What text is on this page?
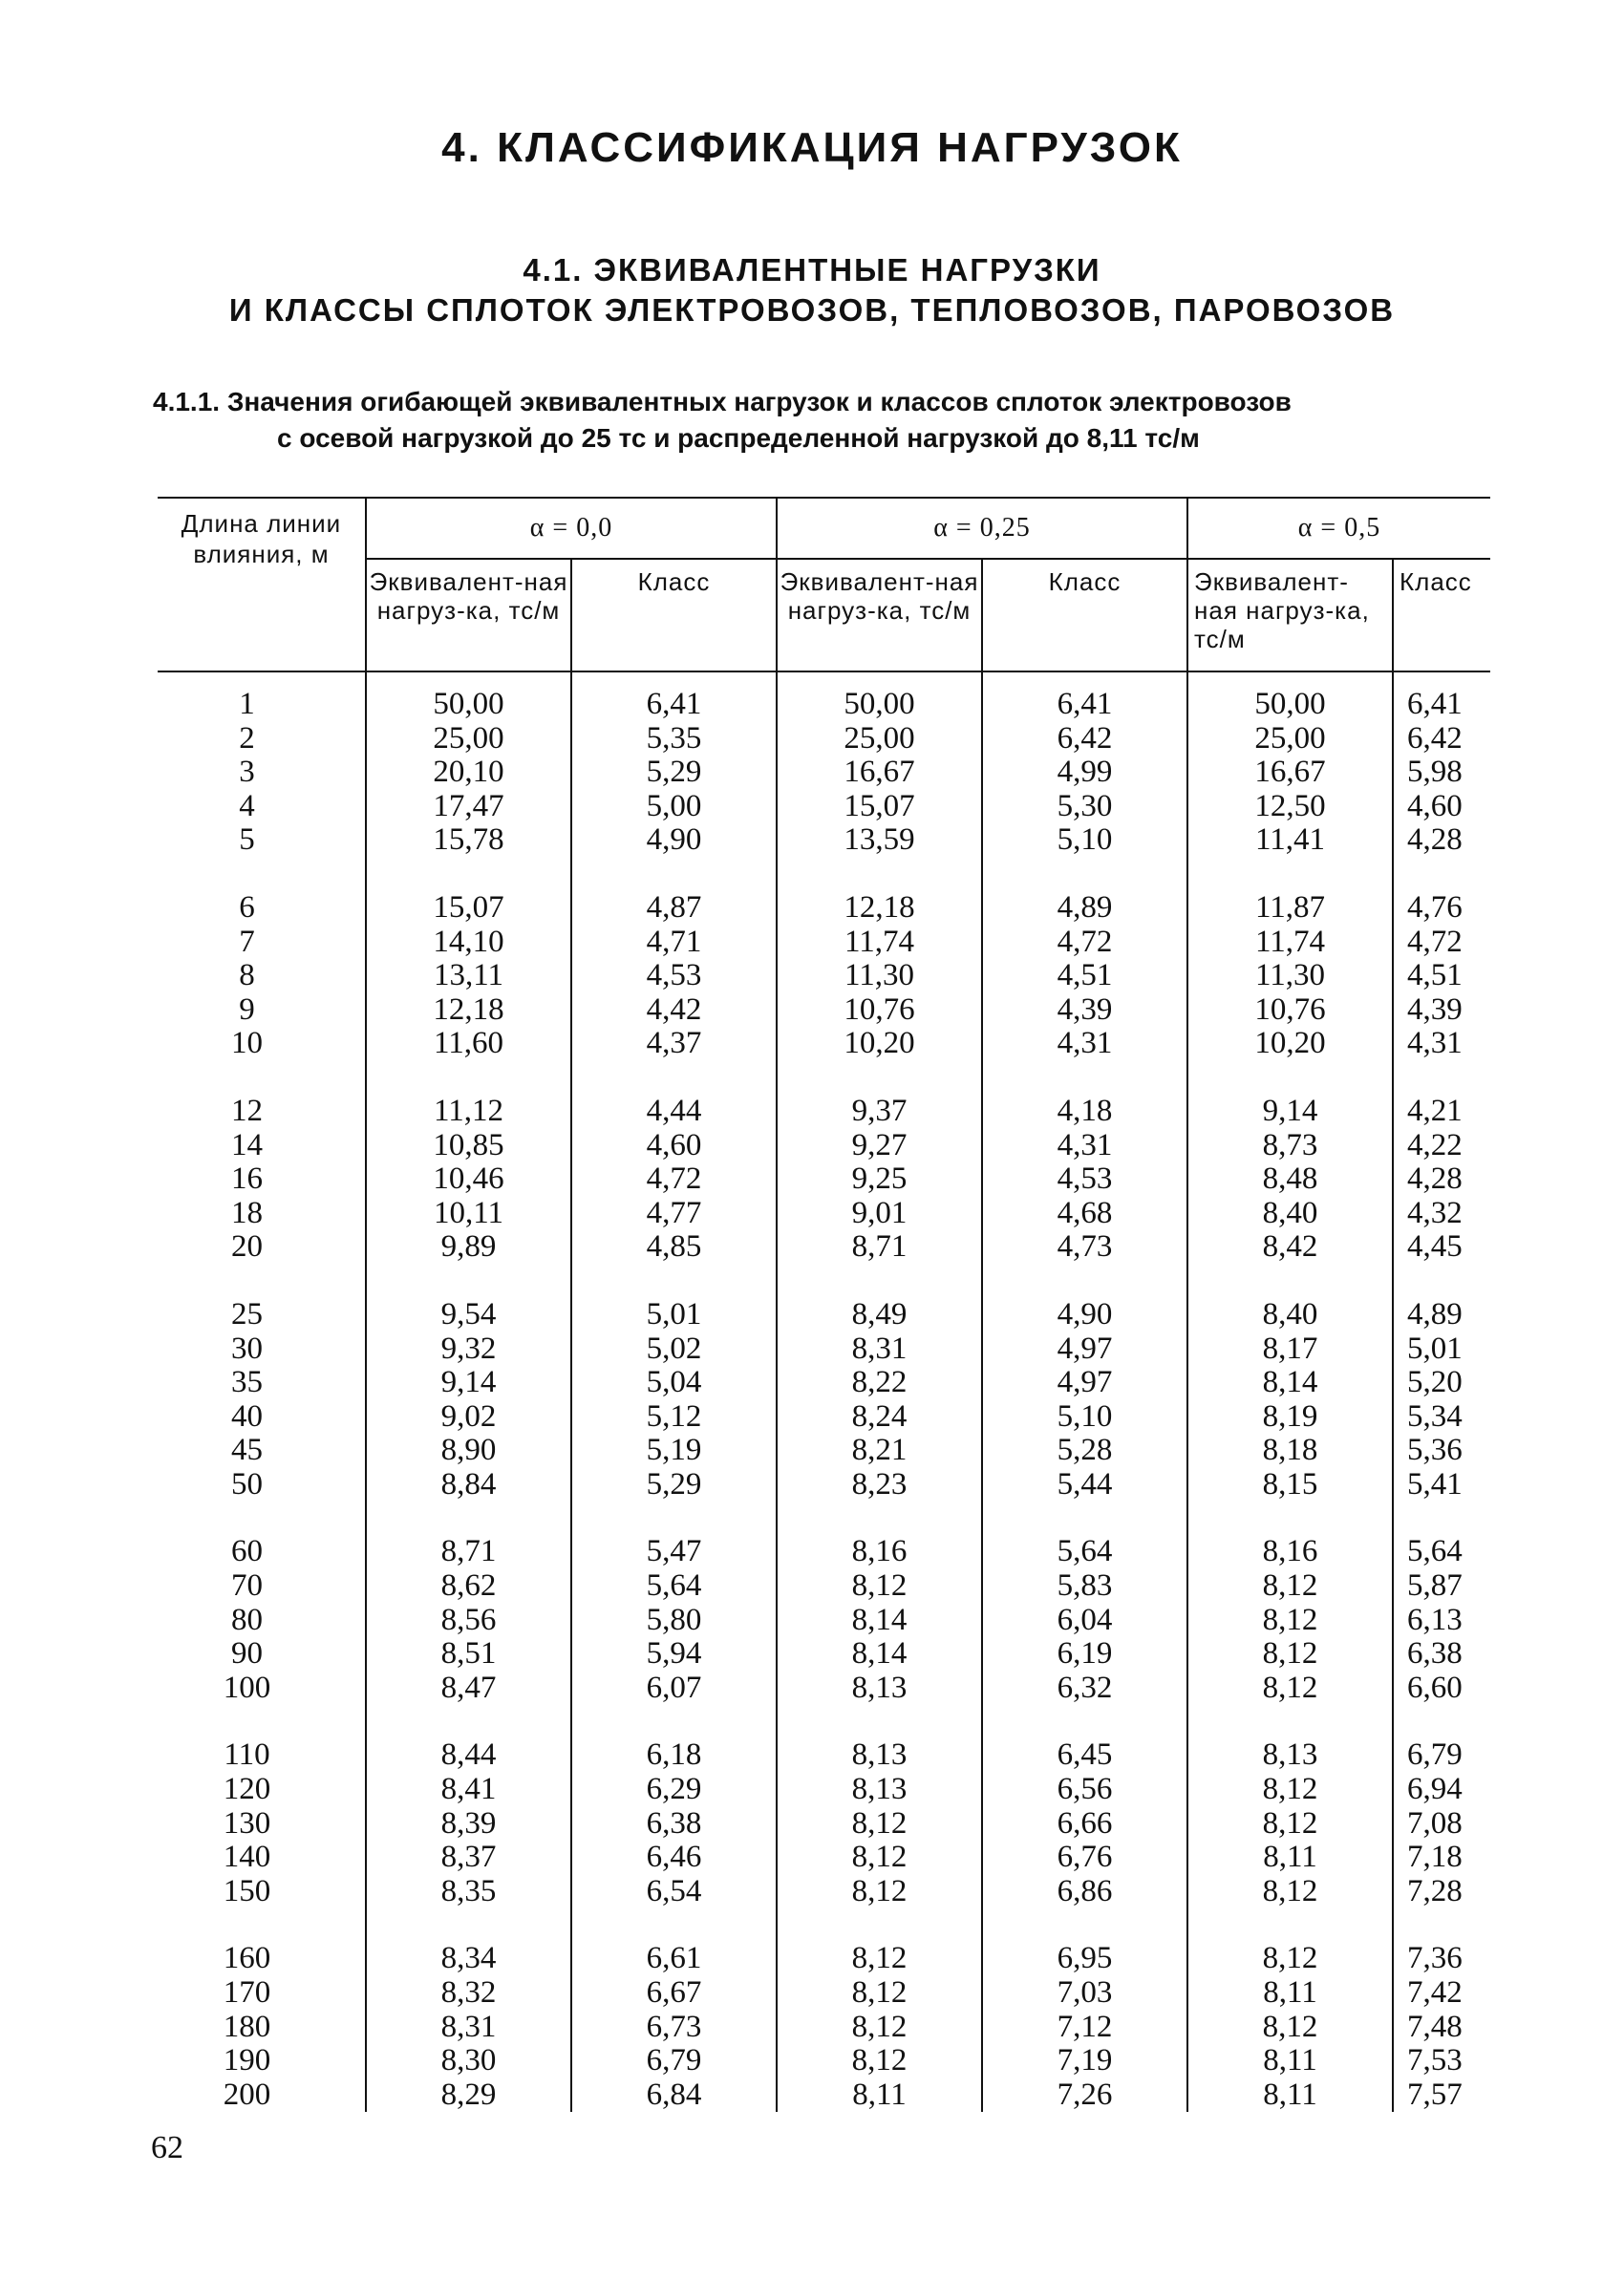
4. КЛАССИФИКАЦИЯ НАГРУЗОК
4.1. ЭКВИВАЛЕНТНЫЕ НАГРУЗКИ
И КЛАССЫ СПЛОТОК ЭЛЕКТРОВОЗОВ, ТЕПЛОВОЗОВ, ПАРОВОЗОВ

4.1.1. Значения огибающей эквивалентных нагрузок и классов сплоток электровозов
с осевой нагрузкой до 25 тс и распределенной нагрузкой до 8,11 тс/м

Длина линии влияния, м	α = 0,0		α = 0,25		α = 0,5	
	Эквивалент-ная нагруз-ка, тс/м	Класс	Эквивалент-ная нагруз-ка, тс/м	Класс	Эквивалент-ная нагруз-ка, тс/м	Класс
1	50,00	6,41	50,00	6,41	50,00	6,41
2	25,00	5,35	25,00	6,42	25,00	6,42
3	20,10	5,29	16,67	4,99	16,67	5,98
4	17,47	5,00	15,07	5,30	12,50	4,60
5	15,78	4,90	13,59	5,10	11,41	4,28
6	15,07	4,87	12,18	4,89	11,87	4,76
7	14,10	4,71	11,74	4,72	11,74	4,72
8	13,11	4,53	11,30	4,51	11,30	4,51
9	12,18	4,42	10,76	4,39	10,76	4,39
10	11,60	4,37	10,20	4,31	10,20	4,31
12	11,12	4,44	9,37	4,18	9,14	4,21
14	10,85	4,60	9,27	4,31	8,73	4,22
16	10,46	4,72	9,25	4,53	8,48	4,28
18	10,11	4,77	9,01	4,68	8,40	4,32
20	9,89	4,85	8,71	4,73	8,42	4,45
25	9,54	5,01	8,49	4,90	8,40	4,89
30	9,32	5,02	8,31	4,97	8,17	5,01
35	9,14	5,04	8,22	4,97	8,14	5,20
40	9,02	5,12	8,24	5,10	8,19	5,34
45	8,90	5,19	8,21	5,28	8,18	5,36
50	8,84	5,29	8,23	5,44	8,15	5,41
60	8,71	5,47	8,16	5,64	8,16	5,64
70	8,62	5,64	8,12	5,83	8,12	5,87
80	8,56	5,80	8,14	6,04	8,12	6,13
90	8,51	5,94	8,14	6,19	8,12	6,38
100	8,47	6,07	8,13	6,32	8,12	6,60
110	8,44	6,18	8,13	6,45	8,13	6,79
120	8,41	6,29	8,13	6,56	8,12	6,94
130	8,39	6,38	8,12	6,66	8,12	7,08
140	8,37	6,46	8,12	6,76	8,11	7,18
150	8,35	6,54	8,12	6,86	8,12	7,28
160	8,34	6,61	8,12	6,95	8,12	7,36
170	8,32	6,67	8,12	7,03	8,11	7,42
180	8,31	6,73	8,12	7,12	8,12	7,48
190	8,30	6,79	8,12	7,19	8,11	7,53
200	8,29	6,84	8,11	7,26	8,11	7,57

62
